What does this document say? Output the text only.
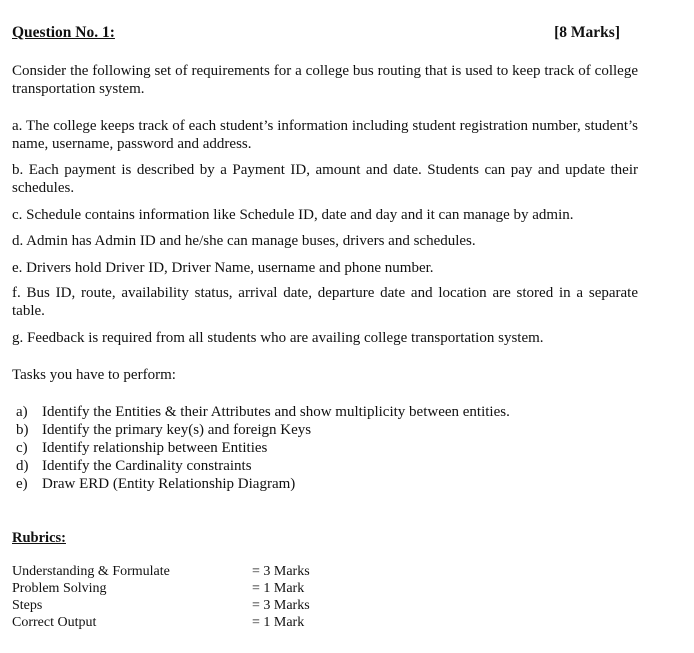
Question No. 1:	[8 Marks]
Consider the following set of requirements for a college bus routing that is used to keep track of college transportation system.
a. The college keeps track of each student’s information including student registration number, student’s name, username, password and address.
b. Each payment is described by a Payment ID, amount and date. Students can pay and update their schedules.
c. Schedule contains information like Schedule ID, date and day and it can manage by admin.
d. Admin has Admin ID and he/she can manage buses, drivers and schedules.
e. Drivers hold Driver ID, Driver Name, username and phone number.
f. Bus ID, route, availability status, arrival date, departure date and location are stored in a separate table.
g. Feedback is required from all students who are availing college transportation system.
Tasks you have to perform:
a) Identify the Entities & their Attributes and show multiplicity between entities.
b) Identify the primary key(s) and foreign Keys
c) Identify relationship between Entities
d) Identify the Cardinality constraints
e) Draw ERD (Entity Relationship Diagram)
Rubrics:
Understanding & Formulate	= 3 Marks
Problem Solving	= 1 Mark
Steps	= 3 Marks
Correct Output	= 1 Mark
